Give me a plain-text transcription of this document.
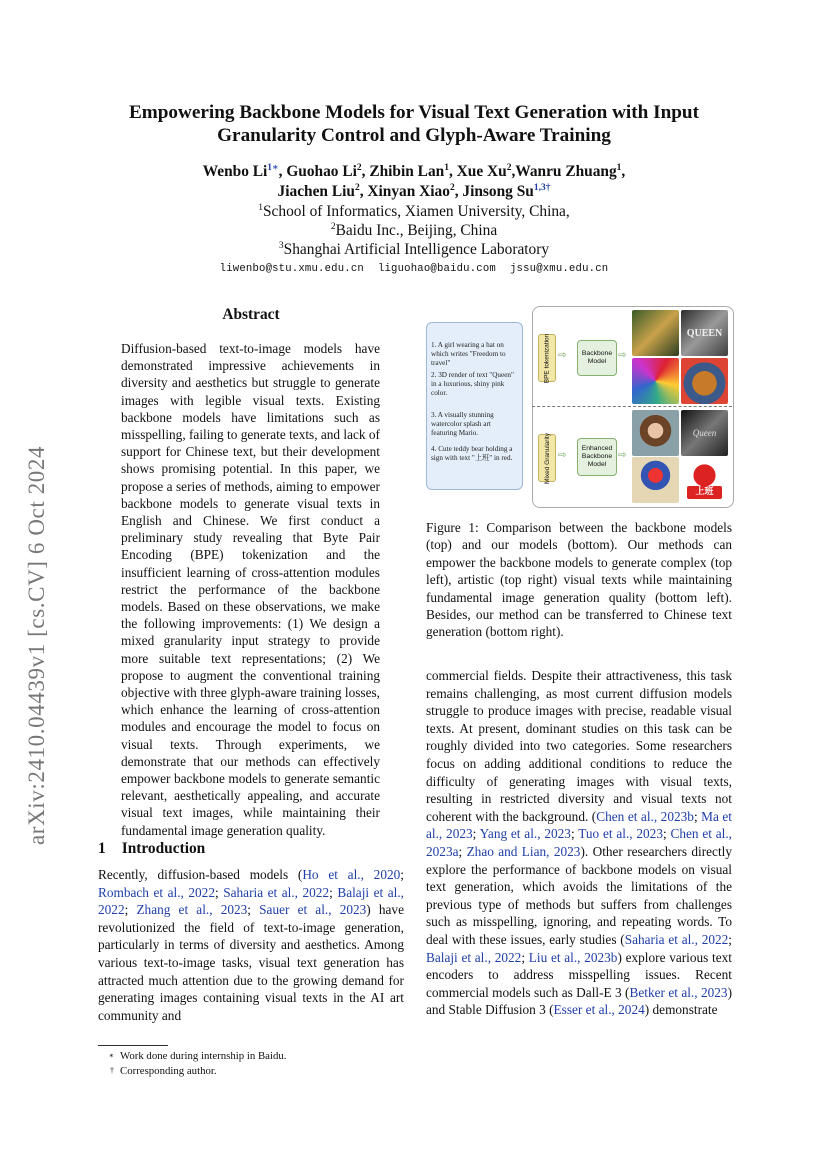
arXiv:2410.04439v1 [cs.CV] 6 Oct 2024
Empowering Backbone Models for Visual Text Generation with Input
Granularity Control and Glyph-Aware Training
Wenbo Li$^{1∗}$, Guohao Li$^2$, Zhibin Lan$^1$, Xue Xu$^2$,Wanru Zhuang$^1$,
Jiachen Liu$^2$, Xinyan Xiao$^2$, Jinsong Su$^{1,3\dagger}$
$^1$School of Informatics, Xiamen University, China,
$^2$Baidu Inc., Beijing, China
$^3$Shanghai Artificial Intelligence Laboratory
liwenbo@stu.xmu.edu.cn liguohao@baidu.com jssu@xmu.edu.cn
Abstract
Diffusion-based text-to-image models have demonstrated impressive achievements in diversity and aesthetics but struggle to generate images with legible visual texts. Existing backbone models have limitations such as misspelling, failing to generate texts, and lack of support for Chinese text, but their development shows promising potential. In this paper, we propose a series of methods, aiming to empower backbone models to generate visual texts in English and Chinese. We first conduct a preliminary study revealing that Byte Pair Encoding (BPE) tokenization and the insufficient learning of cross-attention modules restrict the performance of the backbone models. Based on these observations, we make the following improvements: (1) We design a mixed granularity input strategy to provide more suitable text representations; (2) We propose to augment the conventional training objective with three glyph-aware training losses, which enhance the learning of cross-attention modules and encourage the model to focus on visual texts. Through experiments, we demonstrate that our methods can effectively empower backbone models to generate semantic relevant, aesthetically appealing, and accurate visual text images, while maintaining their fundamental image generation quality.
1 Introduction
Recently, diffusion-based models (Ho et al., 2020; Rombach et al., 2022; Saharia et al., 2022; Balaji et al., 2022; Zhang et al., 2023; Sauer et al., 2023) have revolutionized the field of text-to-image generation, particularly in terms of diversity and aesthetics. Among various text-to-image tasks, visual text generation has attracted much attention due to the growing demand for generating images containing visual texts in the AI art community and
∗ Work done during internship in Baidu.
† Corresponding author.
1. A girl wearing a hat on which writes "Freedom to travel"
2. 3D render of text "Queen" in a luxurious, shiny pink color.
3. A visually stunning watercolor splash art featuring Mario.
4. Cute teddy bear holding a sign with text "上班" in red.
BPE tokenization ⇨	Backbone Model
⇨
Mixed Granularity ⇨
Enhanced Backbone Model
⇨
QUEEN
Queen
上班
Figure 1: Comparison between the backbone models (top) and our models (bottom). Our methods can empower the backbone models to generate complex (top left), artistic (top right) visual texts while maintaining fundamental image generation quality (bottom left). Besides, our method can be transferred to Chinese text generation (bottom right).
commercial fields. Despite their attractiveness, this task remains challenging, as most current diffusion models struggle to produce images with precise, readable visual texts. At present, dominant studies on this task can be roughly divided into two categories. Some researchers focus on adding additional conditions to reduce the difficulty of generating images with visual texts, resulting in restricted diversity and visual texts not coherent with the background. (Chen et al., 2023b; Ma et al., 2023; Yang et al., 2023; Tuo et al., 2023; Chen et al., 2023a; Zhao and Lian, 2023). Other researchers directly explore the performance of backbone models on visual text generation, which avoids the limitations of the previous type of methods but suffers from challenges such as misspelling, ignoring, and repeating words. To deal with these issues, early studies (Saharia et al., 2022; Balaji et al., 2022; Liu et al., 2023b) explore various text encoders to address misspelling issues. Recent commercial models such as Dall-E 3 (Betker et al., 2023) and Stable Diffusion 3 (Esser et al., 2024) demonstrate
